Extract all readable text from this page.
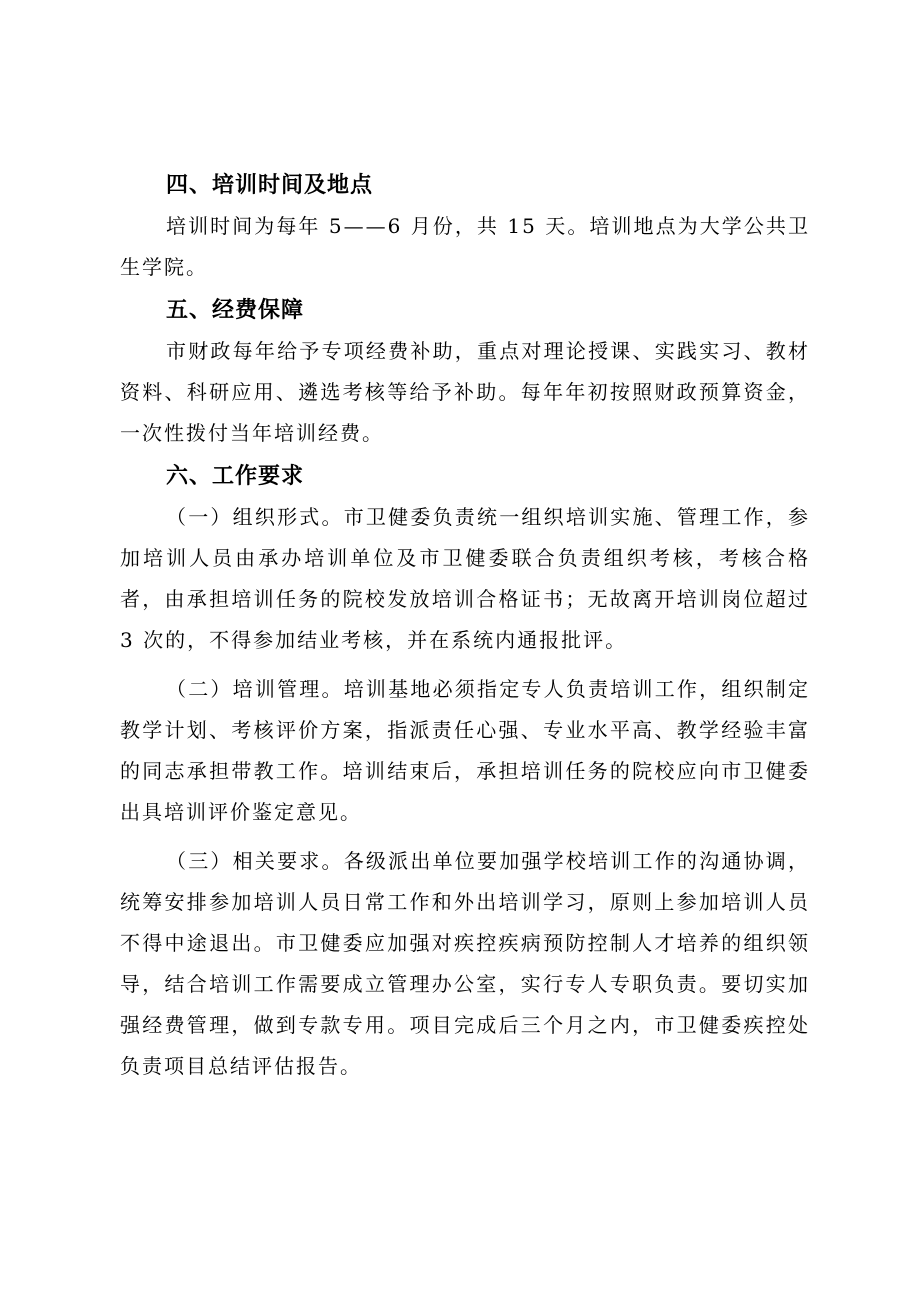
四、培训时间及地点

培训时间为每年 5——6 月份，共 15 天。培训地点为大学公共卫生学院。

五、经费保障

市财政每年给予专项经费补助，重点对理论授课、实践实习、教材资料、科研应用、遴选考核等给予补助。每年年初按照财政预算资金，一次性拨付当年培训经费。

六、工作要求

（一）组织形式。市卫健委负责统一组织培训实施、管理工作，参加培训人员由承办培训单位及市卫健委联合负责组织考核，考核合格者，由承担培训任务的院校发放培训合格证书；无故离开培训岗位超过 3 次的，不得参加结业考核，并在系统内通报批评。

（二）培训管理。培训基地必须指定专人负责培训工作，组织制定教学计划、考核评价方案，指派责任心强、专业水平高、教学经验丰富的同志承担带教工作。培训结束后，承担培训任务的院校应向市卫健委出具培训评价鉴定意见。

（三）相关要求。各级派出单位要加强学校培训工作的沟通协调，统筹安排参加培训人员日常工作和外出培训学习，原则上参加培训人员不得中途退出。市卫健委应加强对疾控疾病预防控制人才培养的组织领导，结合培训工作需要成立管理办公室，实行专人专职负责。要切实加强经费管理，做到专款专用。项目完成后三个月之内，市卫健委疾控处负责项目总结评估报告。
